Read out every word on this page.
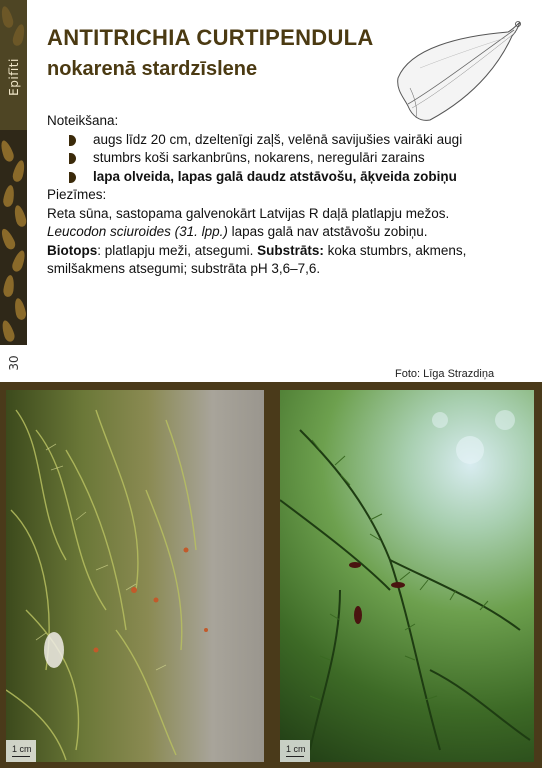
Epifīti
30
ANTITRICHIA CURTIPENDULA
nokarenā stardzīslene

Noteikšana:

augs līdz 20 cm, dzeltenīgi zaļš, velēnā savijušies vairāki augi
stumbrs koši sarkanbrūns, nokarens, neregulāri zarains
lapa olveida, lapas galā daudz atstāvošu, āķveida zobiņu

Piezīmes:

Reta sūna, sastopama galvenokārt Latvijas R daļā platlapju mežos.

Leucodon sciuroides (31. lpp.) lapas galā nav atstāvošu zobiņu.

Biotops: platlapju meži, atsegumi. Substrāts: koka stumbrs, akmens, smilšakmens atsegumi; substrāta pH 3,6–7,6.

Foto: Līga Strazdiņa
1 cm	1 cm
